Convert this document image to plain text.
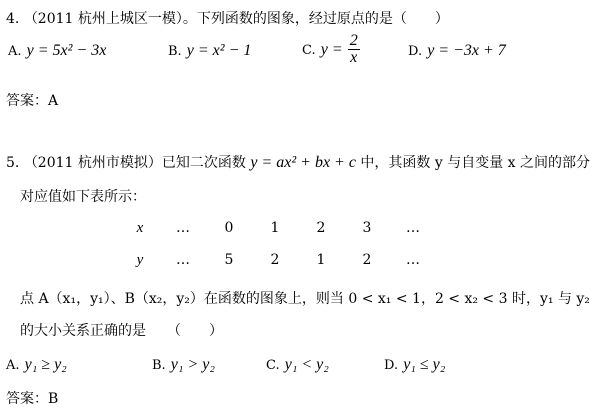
4. （2011 杭州上城区一模）。下列函数的图象，经过原点的是（　　）
A. y = 5x² − 3x	B. y = x² − 1	C. $y = \frac{2}{x}$	D. y = −3x + 7
答案：A
5. （2011 杭州市模拟）已知二次函数 y = ax² + bx + c 中，其函数 y 与自变量 x 之间的部分
对应值如下表所示：
x	…	0	1	2	3	…
y	…	5	2	1	2	…
点 A（x₁，y₁）、B（x₂，y₂）在函数的图象上，则当 0 < x₁ < 1，2 < x₂ < 3 时，y₁ 与 y₂
的大小关系正确的是　　（　　）
A. y₁ ≥ y₂	B. y₁ > y₂	C. y₁ < y₂	D. y₁ ≤ y₂
答案：B
